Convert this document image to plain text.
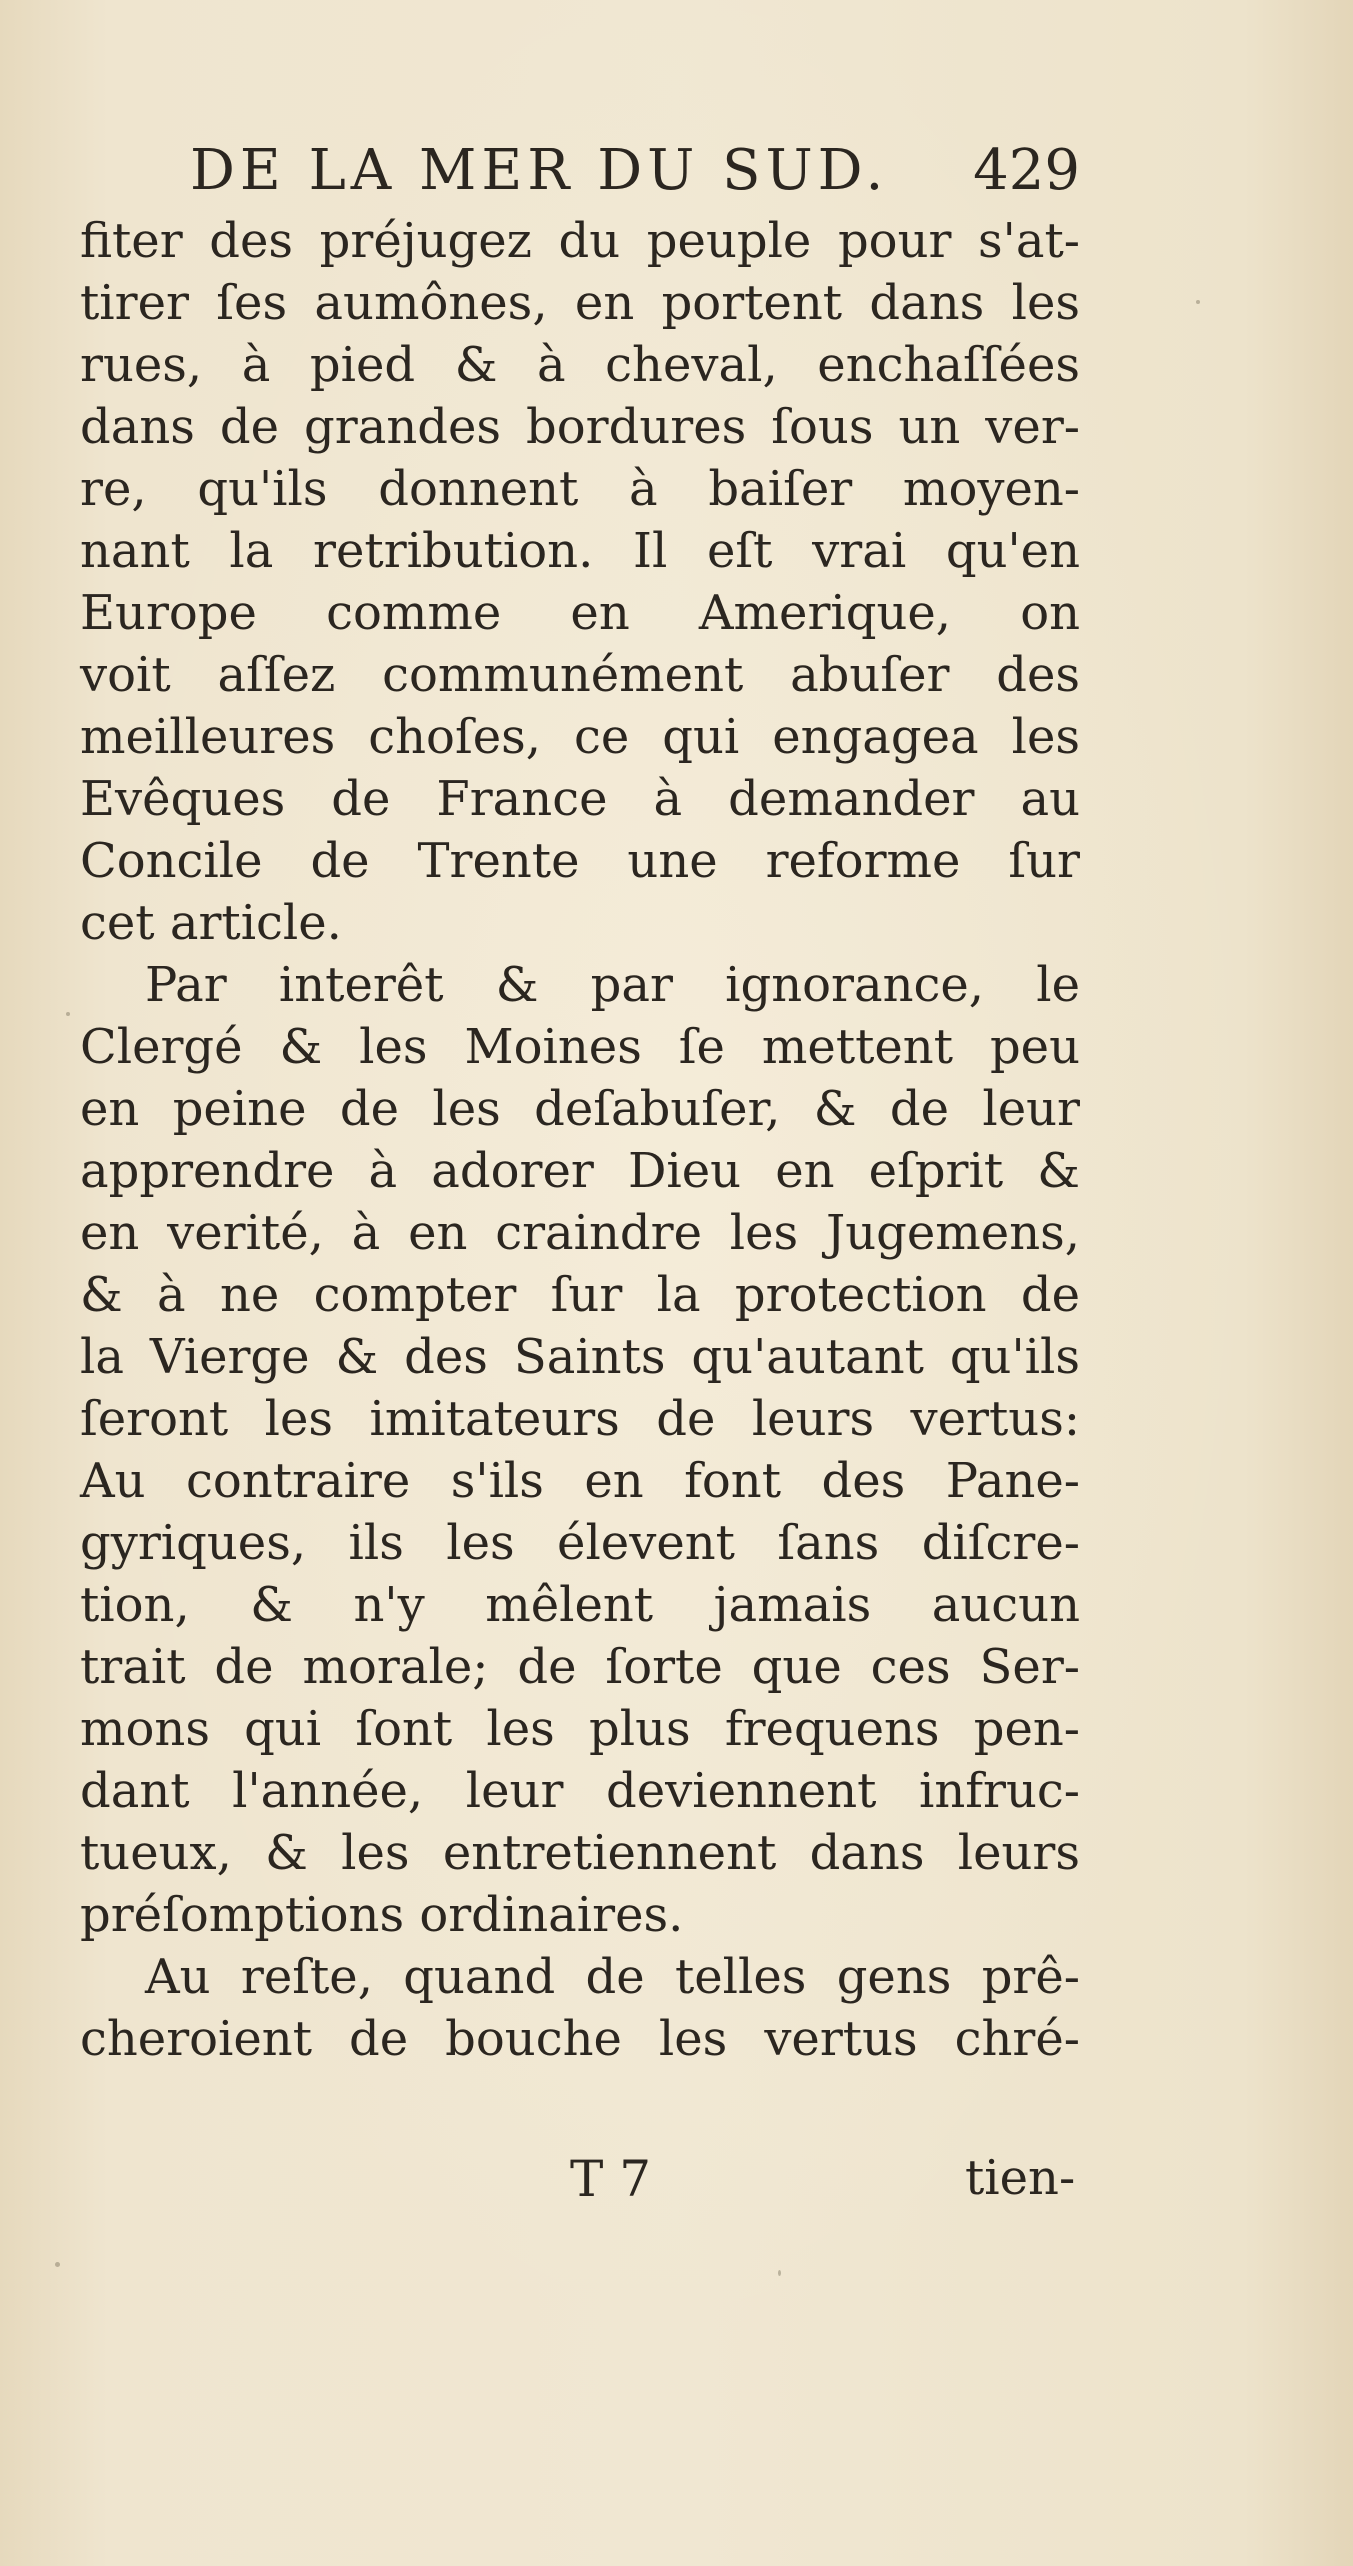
DE LA MER DU SUD. 429
fiter des préjugez du peuple pour s'at-
tirer ſes aumônes, en portent dans les
rues, à pied & à cheval, enchaſſées
dans de grandes bordures ſous un ver-
re, qu'ils donnent à baiſer moyen-
nant la retribution. Il eſt vrai qu'en
Europe comme en Amerique, on
voit aſſez communément abuſer des
meilleures choſes, ce qui engagea les
Evêques de France à demander au
Concile de Trente une reforme ſur
cet article.
Par interêt & par ignorance, le
Clergé & les Moines ſe mettent peu
en peine de les deſabuſer, & de leur
apprendre à adorer Dieu en eſprit &
en verité, à en craindre les Jugemens,
& à ne compter ſur la protection de
la Vierge & des Saints qu'autant qu'ils
ſeront les imitateurs de leurs vertus:
Au contraire s'ils en font des Pane-
gyriques, ils les élevent ſans diſcre-
tion, & n'y mêlent jamais aucun
trait de morale; de ſorte que ces Ser-
mons qui ſont les plus frequens pen-
dant l'année, leur deviennent infruc-
tueux, & les entretiennent dans leurs
préſomptions ordinaires.
Au reſte, quand de telles gens prê-
cheroient de bouche les vertus chré-
T 7	tien-
